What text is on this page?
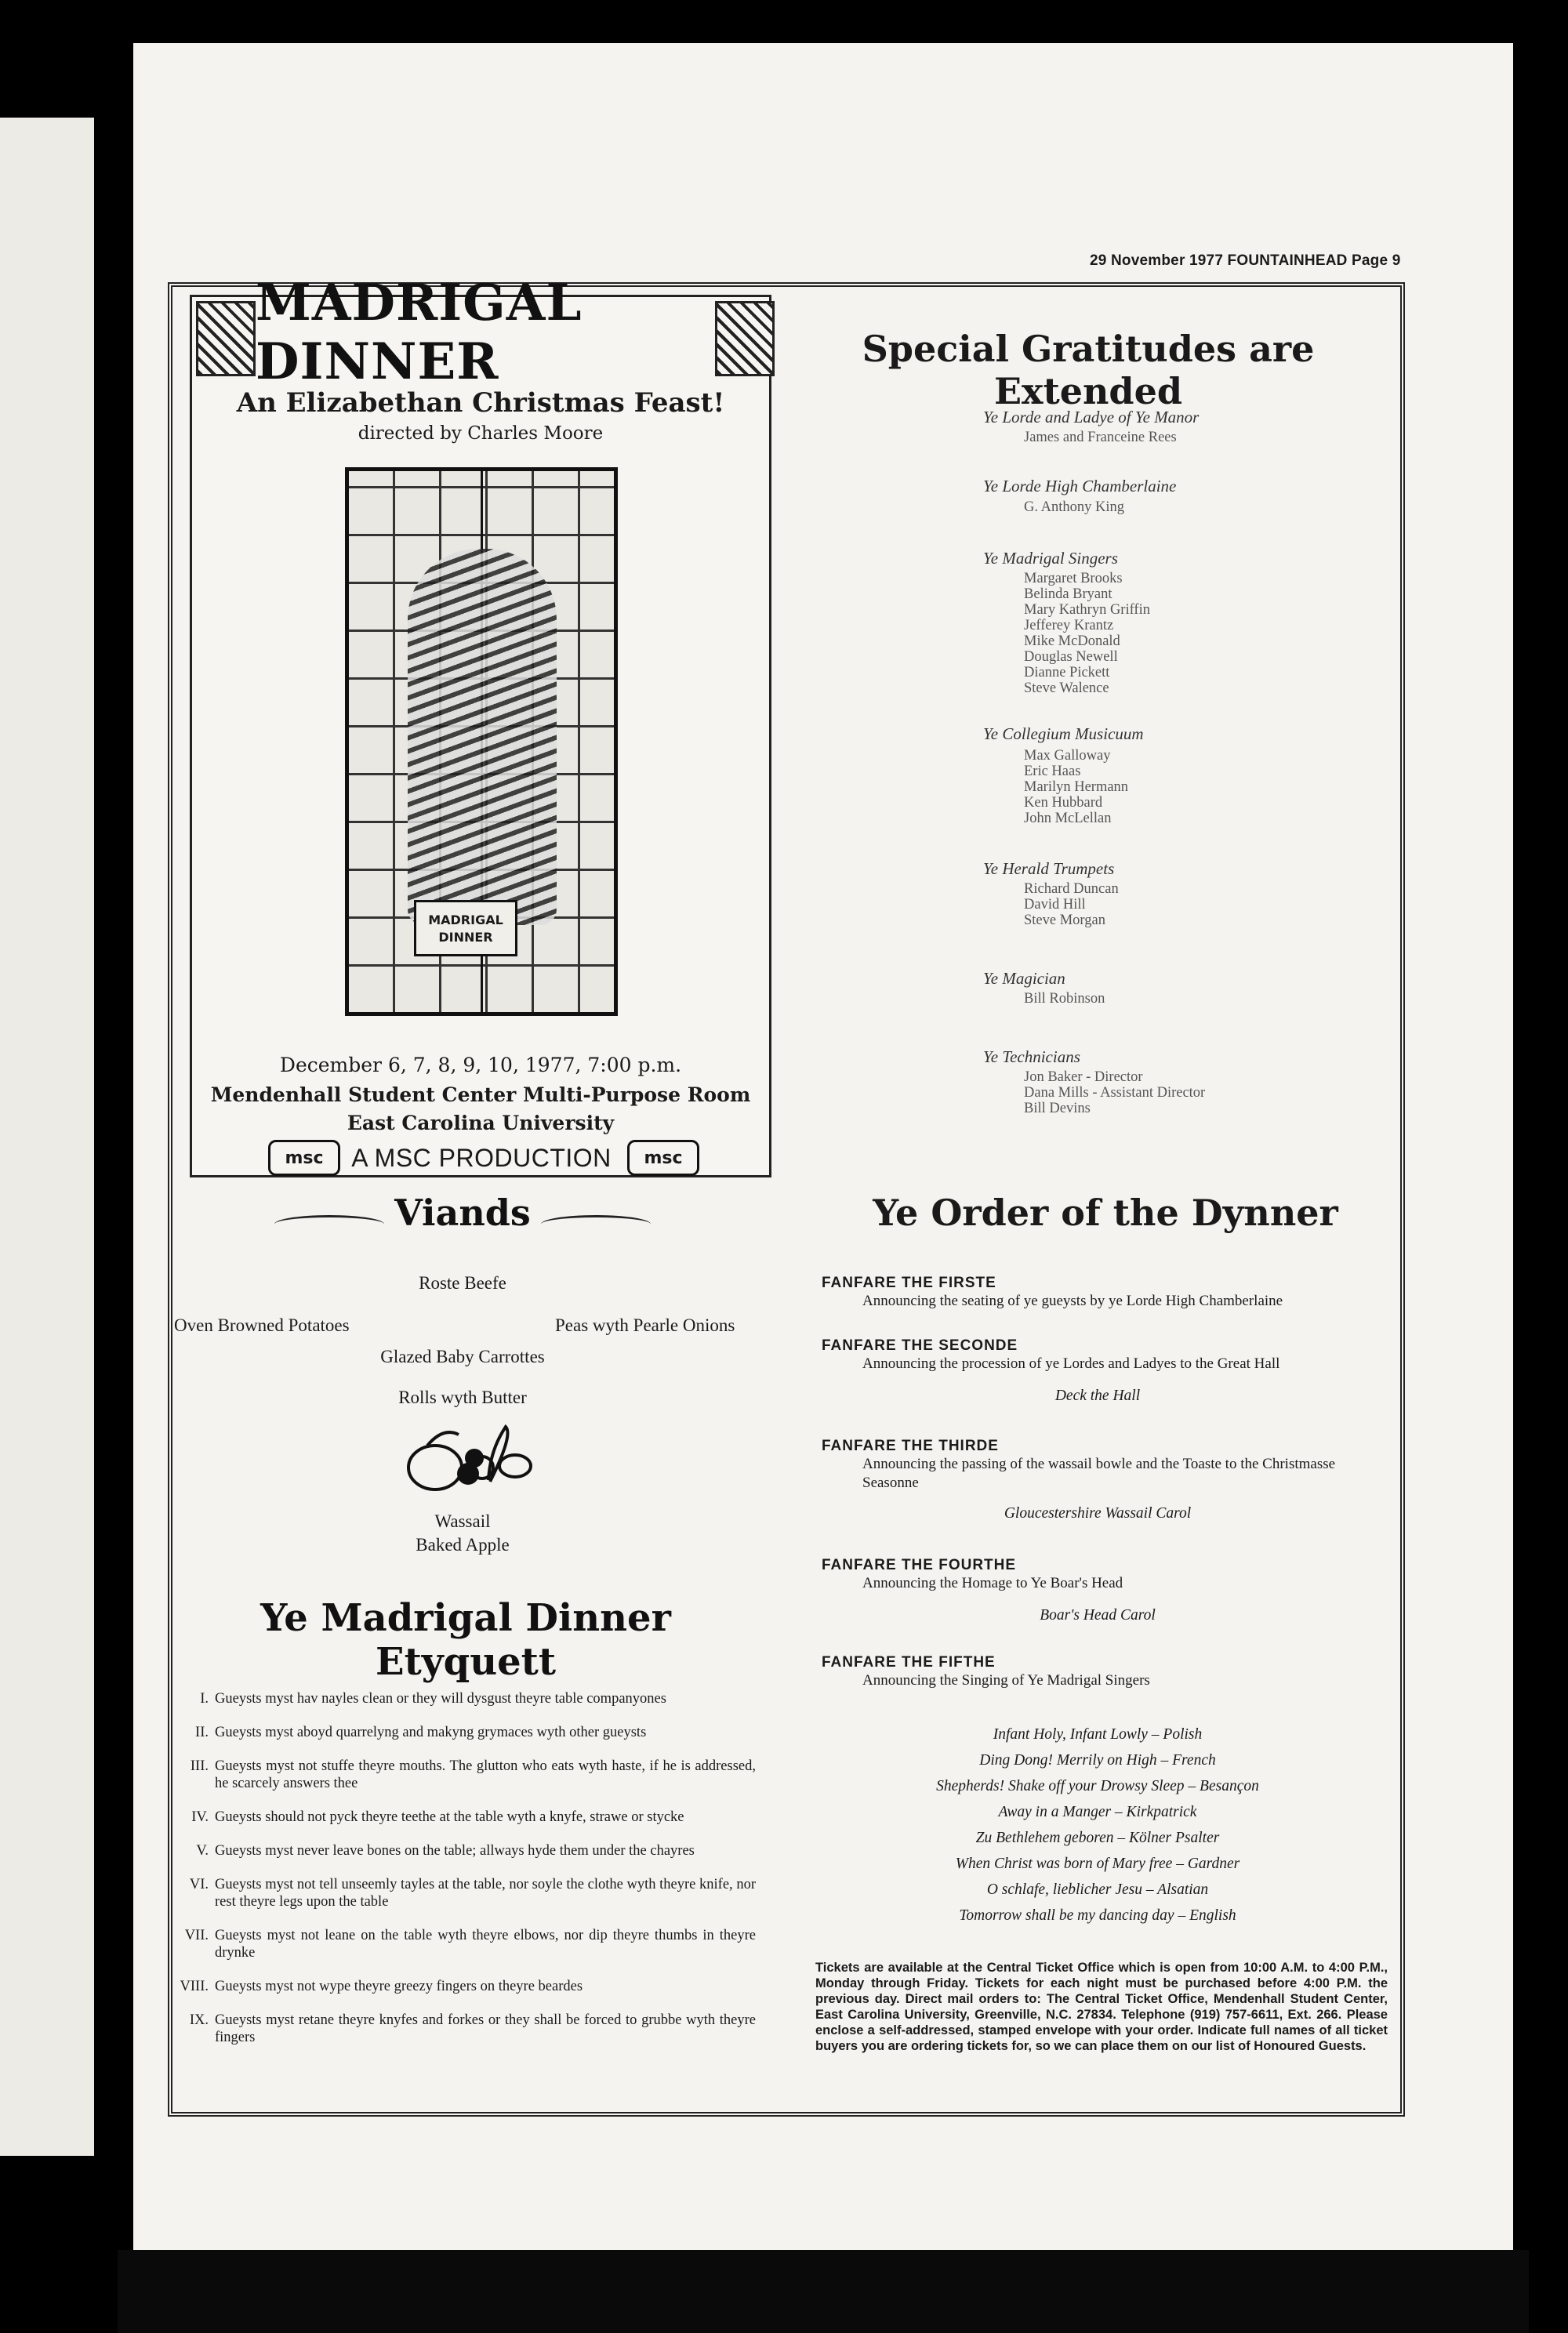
29 November 1977 FOUNTAINHEAD Page 9
MADRIGAL DINNER
An Elizabethan Christmas Feast!
directed by Charles Moore
MADRIGAL DINNER
December 6, 7, 8, 9, 10, 1977, 7:00 p.m.
Mendenhall Student Center Multi-Purpose Room
East Carolina University
msc	A MSC PRODUCTION	msc
Viands
Roste Beefe
Oven Browned Potatoes	Peas wyth Pearle Onions
Glazed Baby Carrottes
Rolls wyth Butter
Wassail
Baked Apple
Ye Madrigal Dinner Etyquett
I. Gueysts myst hav nayles clean or they will dysgust theyre table companyones
II. Gueysts myst aboyd quarrelyng and makyng grymaces wyth other gueysts
III. Gueysts myst not stuffe theyre mouths. The glutton who eats wyth haste, if he is addressed, he scarcely answers thee
IV. Gueysts should not pyck theyre teethe at the table wyth a knyfe, strawe or stycke
V. Gueysts myst never leave bones on the table; allways hyde them under the chayres
VI. Gueysts myst not tell unseemly tayles at the table, nor soyle the clothe wyth theyre knife, nor rest theyre legs upon the table
VII. Gueysts myst not leane on the table wyth theyre elbows, nor dip theyre thumbs in theyre drynke
VIII. Gueysts myst not wype theyre greezy fingers on theyre beardes
IX. Gueysts myst retane theyre knyfes and forkes or they shall be forced to grubbe wyth theyre fingers
Special Gratitudes are Extended
Ye Lorde and Ladye of Ye Manor
James and Franceine Rees
Ye Lorde High Chamberlaine
G. Anthony King
Ye Madrigal Singers
Margaret Brooks
Belinda Bryant
Mary Kathryn Griffin
Jefferey Krantz
Mike McDonald
Douglas Newell
Dianne Pickett
Steve Walence
Ye Collegium Musicuum
Max Galloway
Eric Haas
Marilyn Hermann
Ken Hubbard
John McLellan
Ye Herald Trumpets
Richard Duncan
David Hill
Steve Morgan
Ye Magician
Bill Robinson
Ye Technicians
Jon Baker - Director
Dana Mills - Assistant Director
Bill Devins
Ye Order of the Dynner
FANFARE THE FIRSTE
Announcing the seating of ye gueysts by ye Lorde High Chamberlaine
FANFARE THE SECONDE
Announcing the procession of ye Lordes and Ladyes to the Great Hall
Deck the Hall
FANFARE THE THIRDE
Announcing the passing of the wassail bowle and the Toaste to the Christmasse Seasonne
Gloucestershire Wassail Carol
FANFARE THE FOURTHE
Announcing the Homage to Ye Boar's Head
Boar's Head Carol
FANFARE THE FIFTHE
Announcing the Singing of Ye Madrigal Singers
Infant Holy, Infant Lowly – Polish
Ding Dong! Merrily on High – French
Shepherds! Shake off your Drowsy Sleep – Besançon
Away in a Manger – Kirkpatrick
Zu Bethlehem geboren – Kölner Psalter
When Christ was born of Mary free – Gardner
O schlafe, lieblicher Jesu – Alsatian
Tomorrow shall be my dancing day – English
Tickets are available at the Central Ticket Office which is open from 10:00 A.M. to 4:00 P.M., Monday through Friday. Tickets for each night must be purchased before 4:00 P.M. the previous day. Direct mail orders to: The Central Ticket Office, Mendenhall Student Center, East Carolina University, Greenville, N.C. 27834. Telephone (919) 757-6611, Ext. 266. Please enclose a self-addressed, stamped envelope with your order. Indicate full names of all ticket buyers you are ordering tickets for, so we can place them on our list of Honoured Guests.
